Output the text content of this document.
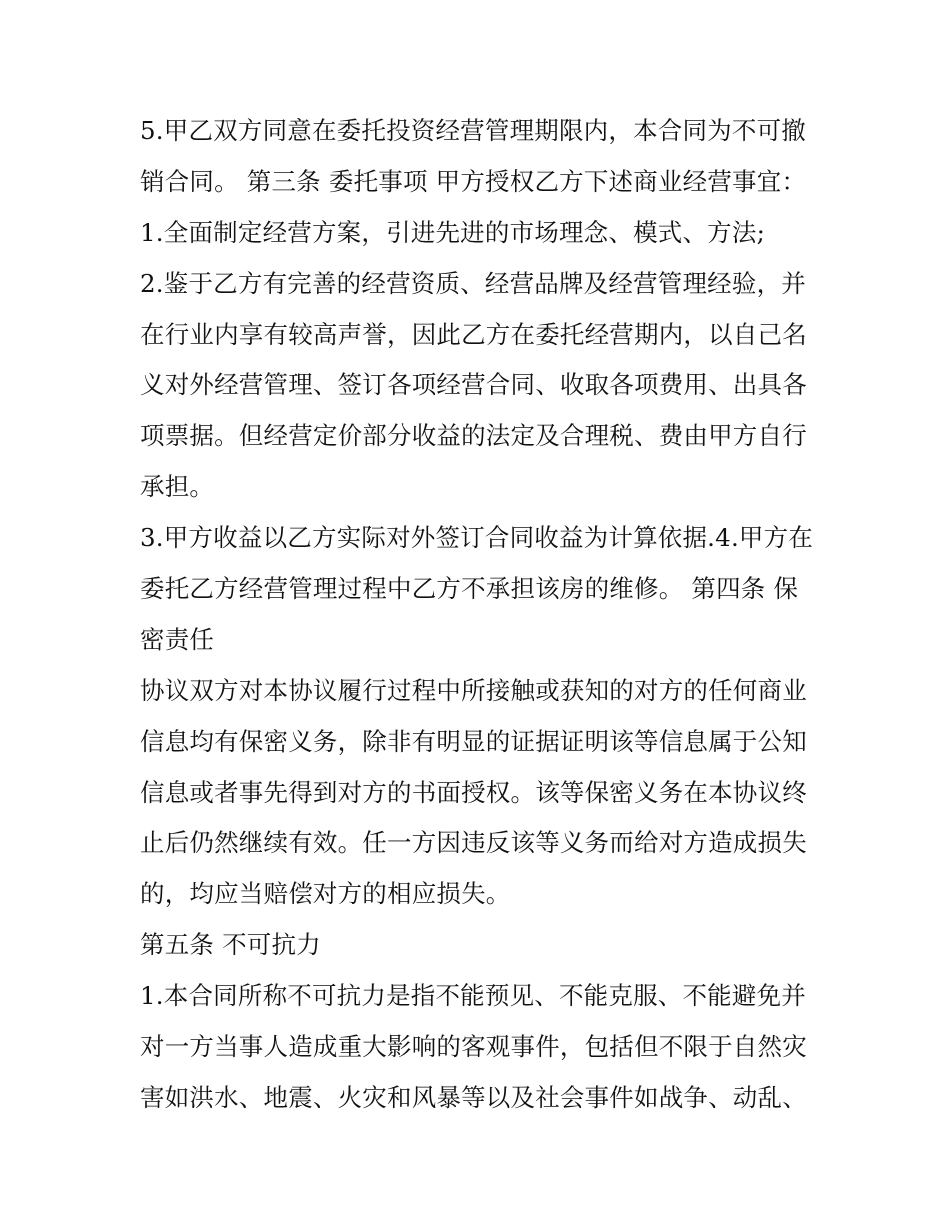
5.甲乙双方同意在委托投资经营管理期限内，本合同为不可撤
销合同。 第三条 委托事项 甲方授权乙方下述商业经营事宜：
1.全面制定经营方案，引进先进的市场理念、模式、方法;
2.鉴于乙方有完善的经营资质、经营品牌及经营管理经验，并
在行业内享有较高声誉，因此乙方在委托经营期内，以自己名
义对外经营管理、签订各项经营合同、收取各项费用、出具各
项票据。但经营定价部分收益的法定及合理税、费由甲方自行
承担。
3.甲方收益以乙方实际对外签订合同收益为计算依据.4.甲方在
委托乙方经营管理过程中乙方不承担该房的维修。 第四条 保
密责任
协议双方对本协议履行过程中所接触或获知的对方的任何商业
信息均有保密义务，除非有明显的证据证明该等信息属于公知
信息或者事先得到对方的书面授权。该等保密义务在本协议终
止后仍然继续有效。任一方因违反该等义务而给对方造成损失
的，均应当赔偿对方的相应损失。
第五条 不可抗力
1.本合同所称不可抗力是指不能预见、不能克服、不能避免并
对一方当事人造成重大影响的客观事件，包括但不限于自然灾
害如洪水、地震、火灾和风暴等以及社会事件如战争、动乱、
